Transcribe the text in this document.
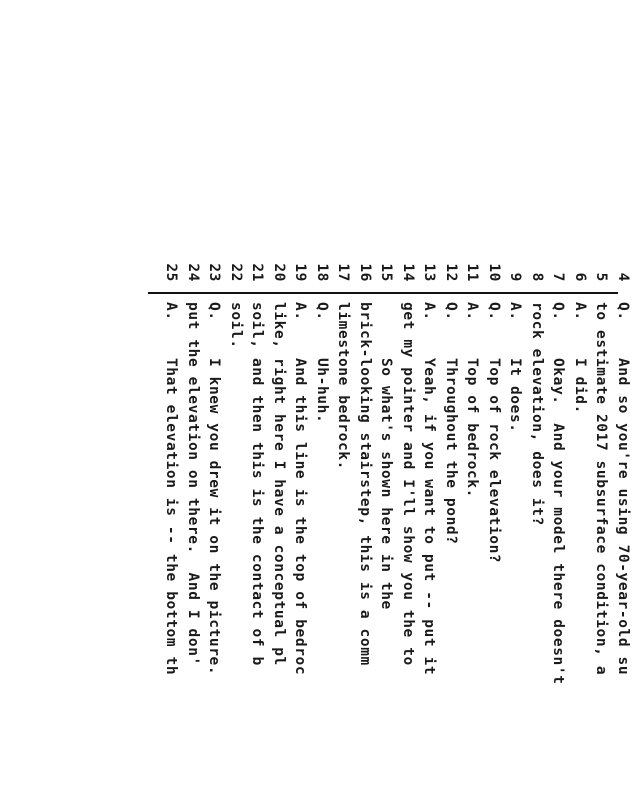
4
Q.    And so you're using 70-year-old su
5
to estimate 2017 subsurface condition, a
6
A.    I did.
7
Q.    Okay.  And your model there doesn't
8
rock elevation, does it?
9
A.    It does.
10
Q.    Top of rock elevation?
11
A.    Top of bedrock.
12
Q.    Throughout the pond?
13
A.    Yeah, if you want to put -- put it
14
get my pointer and I'll show you the to
15
So what's shown here in the
16
brick-looking stairstep, this is a comm
17
limestone bedrock.
18
Q.    Uh-huh.
19
A.    And this line is the top of bedroc
20
like, right here I have a conceptual pl
21
soil, and then this is the contact of b
22
soil.
23
Q.    I knew you drew it on the picture.
24
put the elevation on there.  And I don'
25
A.    That elevation is -- the bottom th
